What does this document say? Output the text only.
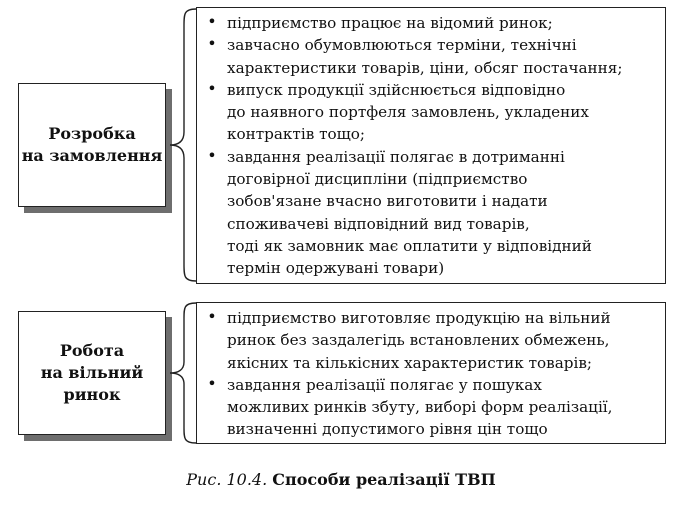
Розробка
на замовлення
• підприємство працює на відомий ринок;
• завчасно обумовлюються терміни, технічні
характеристики товарів, ціни, обсяг постачання;
• випуск продукції здійснюється відповідно
до наявного портфеля замовлень, укладених
контрактів тощо;
• завдання реалізації полягає в дотриманні
договірної дисципліни (підприємство
зобов'язане вчасно виготовити і надати
споживачеві відповідний вид товарів,
тоді як замовник має оплатити у відповідний
термін одержувані товари)
Робота
на вільний
ринок
• підприємство виготовляє продукцію на вільний
ринок без заздалегідь встановлених обмежень,
якісних та кількісних характеристик товарів;
• завдання реалізації полягає у пошуках
можливих ринків збуту, виборі форм реалізації,
визначенні допустимого рівня цін тощо
Рис. 10.4. Способи реалізації ТВП
